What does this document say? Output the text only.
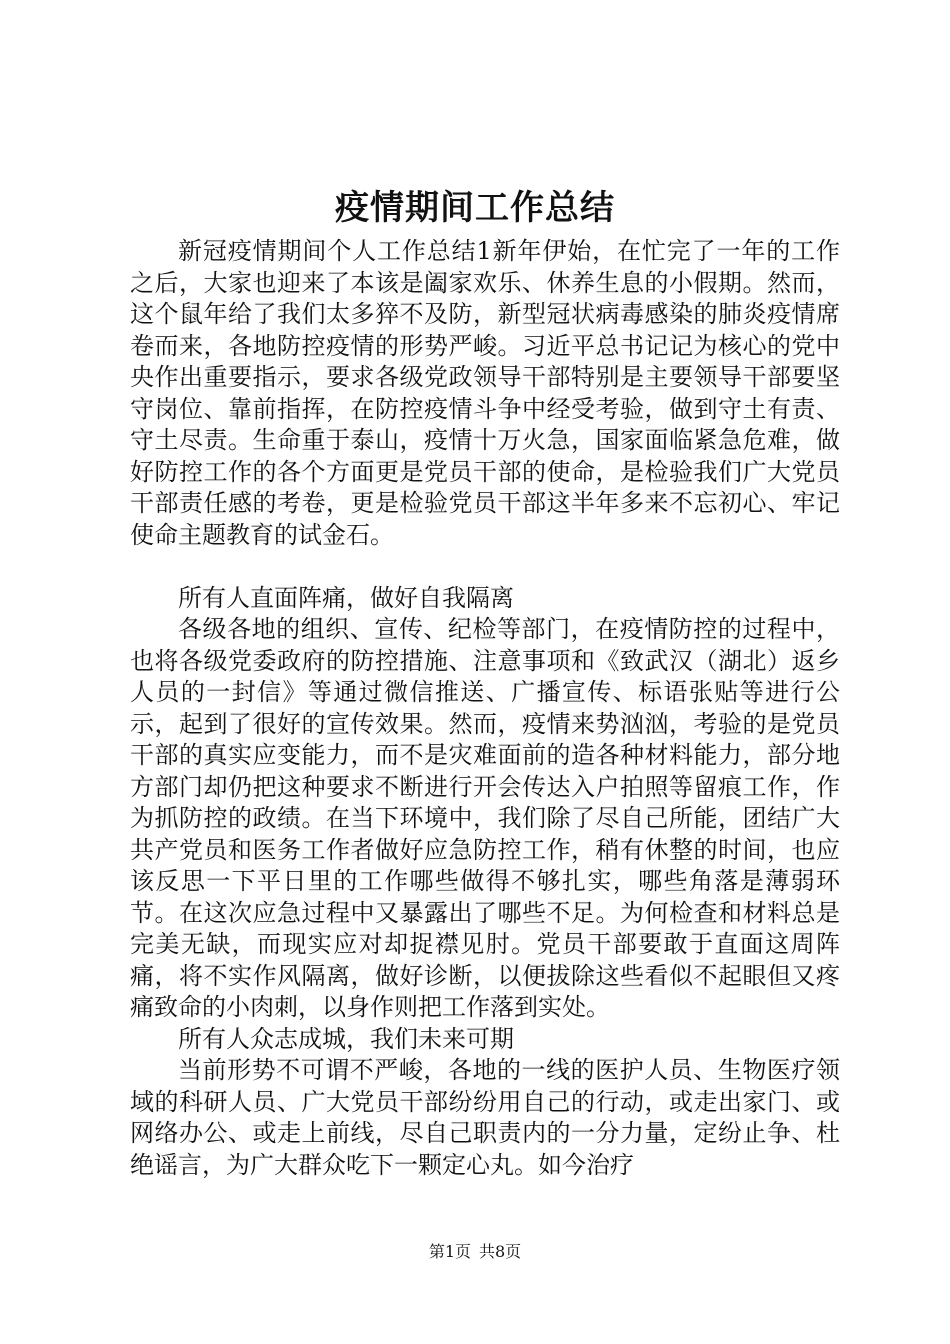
疫情期间工作总结

新冠疫情期间个人工作总结1新年伊始，在忙完了一年的工作之后，大家也迎来了本该是阖家欢乐、休养生息的小假期。然而，这个鼠年给了我们太多猝不及防，新型冠状病毒感染的肺炎疫情席卷而来，各地防控疫情的形势严峻。习近平总书记记为核心的党中央作出重要指示，要求各级党政领导干部特别是主要领导干部要坚守岗位、靠前指挥，在防控疫情斗争中经受考验，做到守土有责、守土尽责。生命重于泰山，疫情十万火急，国家面临紧急危难，做好防控工作的各个方面更是党员干部的使命，是检验我们广大党员干部责任感的考卷，更是检验党员干部这半年多来不忘初心、牢记使命主题教育的试金石。

所有人直面阵痛，做好自我隔离

各级各地的组织、宣传、纪检等部门，在疫情防控的过程中，也将各级党委政府的防控措施、注意事项和《致武汉（湖北）返乡人员的一封信》等通过微信推送、广播宣传、标语张贴等进行公示，起到了很好的宣传效果。然而，疫情来势汹汹，考验的是党员干部的真实应变能力，而不是灾难面前的造各种材料能力，部分地方部门却仍把这种要求不断进行开会传达入户拍照等留痕工作，作为抓防控的政绩。在当下环境中，我们除了尽自己所能，团结广大共产党员和医务工作者做好应急防控工作，稍有休整的时间，也应该反思一下平日里的工作哪些做得不够扎实，哪些角落是薄弱环节。在这次应急过程中又暴露出了哪些不足。为何检查和材料总是完美无缺，而现实应对却捉襟见肘。党员干部要敢于直面这周阵痛，将不实作风隔离，做好诊断，以便拔除这些看似不起眼但又疼痛致命的小肉刺，以身作则把工作落到实处。

所有人众志成城，我们未来可期

当前形势不可谓不严峻，各地的一线的医护人员、生物医疗领域的科研人员、广大党员干部纷纷用自己的行动，或走出家门、或网络办公、或走上前线，尽自己职责内的一分力量，定纷止争、杜绝谣言，为广大群众吃下一颗定心丸。如今治疗

第1页 共8页
